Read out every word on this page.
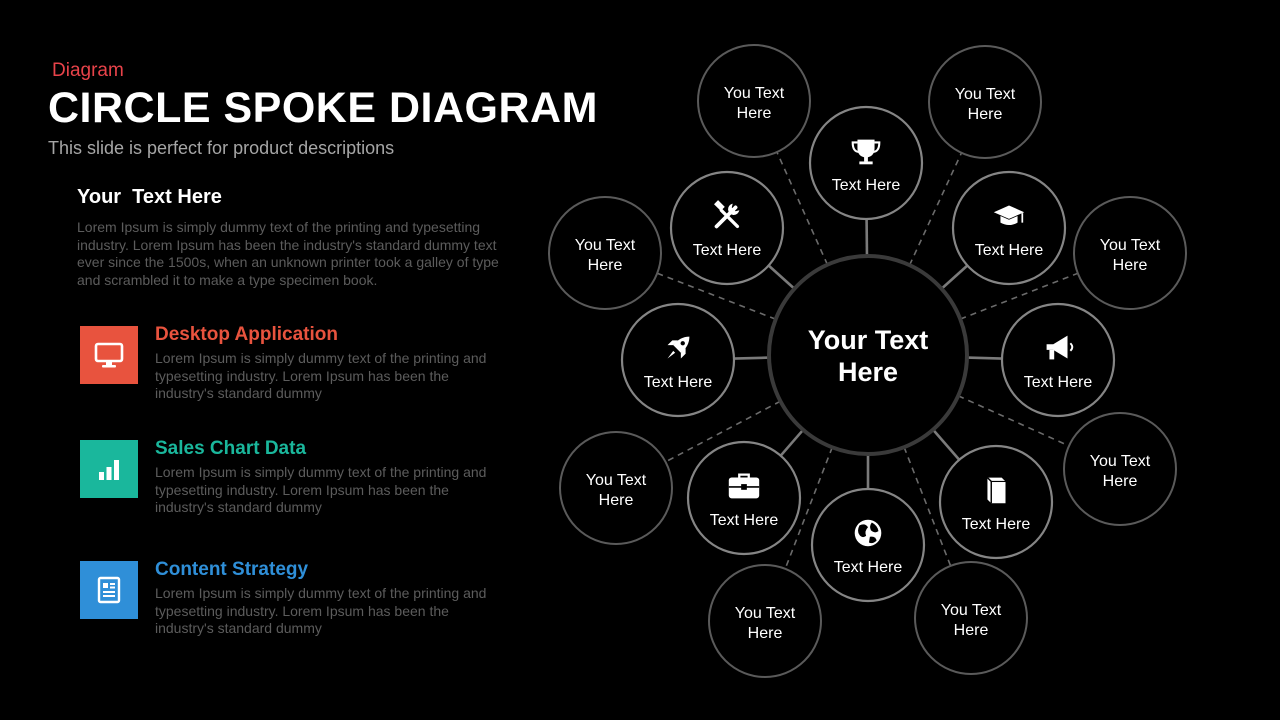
Diagram
CIRCLE SPOKE DIAGRAM
This slide is perfect for product descriptions
Your  Text Here
Lorem Ipsum is simply dummy text of the printing and typesetting industry. Lorem Ipsum has been the industry's standard dummy text ever since the 1500s, when an unknown printer took a galley of type and scrambled it to make a type specimen book.
Desktop Application
Lorem Ipsum is simply dummy text of the printing and typesetting industry. Lorem Ipsum has been the industry's standard dummy
Sales Chart Data
Lorem Ipsum is simply dummy text of the printing and typesetting industry. Lorem Ipsum has been the industry's standard dummy
Content Strategy
Lorem Ipsum is simply dummy text of the printing and typesetting industry. Lorem Ipsum has been the industry's standard dummy
Your Text
Here
Text Here
Text Here
Text Here
Text Here
Text Here
Text Here
Text Here
Text Here
You Text
Here
You Text
Here
You Text
Here
You Text
Here
You Text
Here
You Text
Here
You Text
Here
You Text
Here
